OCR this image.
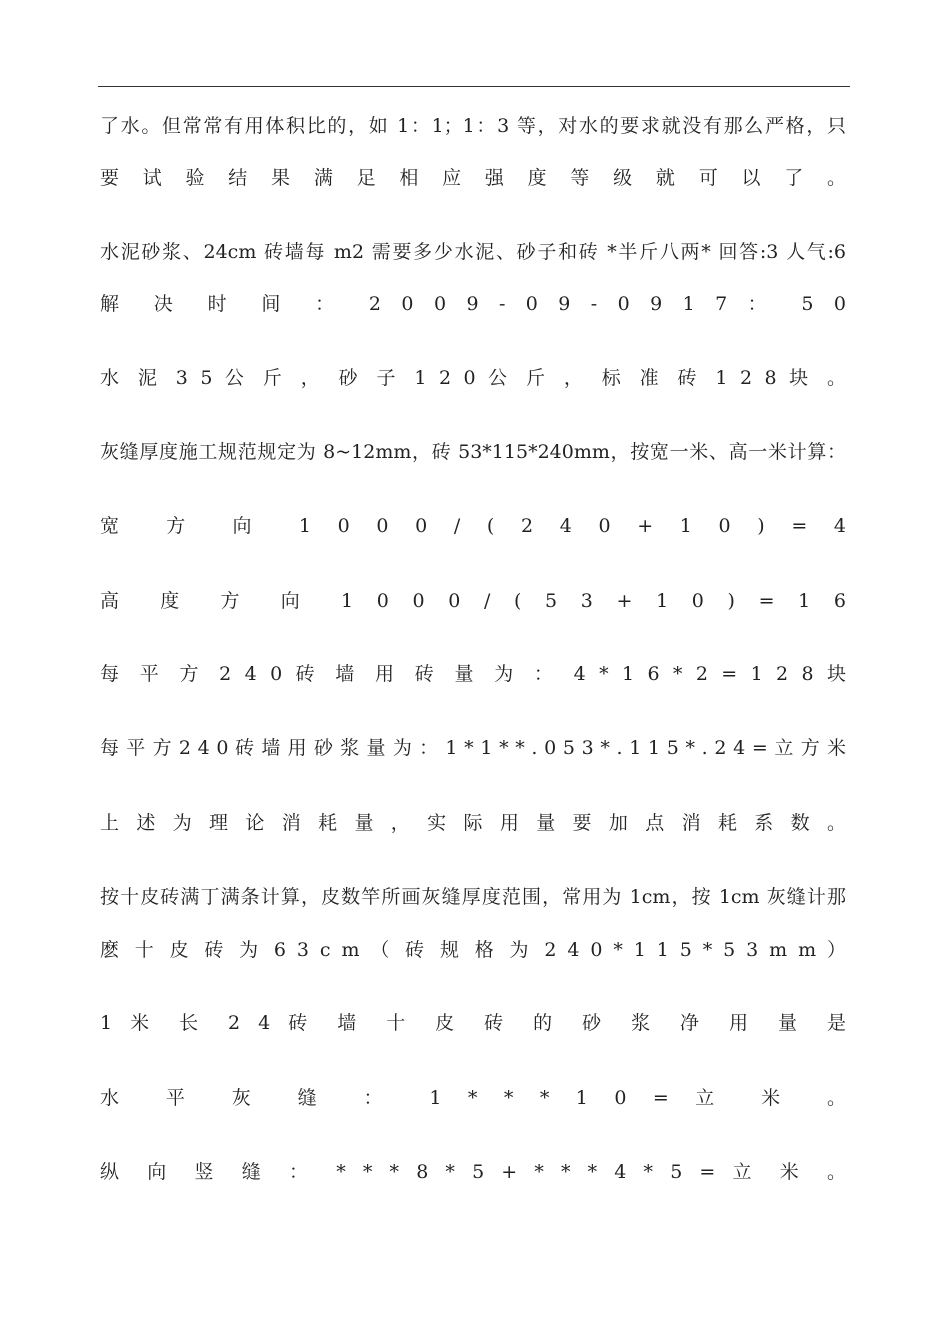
了水。但常常有用体积比的，如 1：1；1：3 等，对水的要求就没有那么严格，只
要 试 验 结 果 满 足 相 应 强 度 等 级 就 可 以 了 。
水泥砂浆、24cm 砖墙每 m2 需要多少水泥、砂子和砖 *半斤八两* 回答:3 人气:6
解 决 时 间 ： 2 0 0 9 - 0 9 - 0 9 1 7 ： 5 0
水 泥 3 5 公 斤 ， 砂 子 1 2 0 公 斤 ， 标 准 砖 1 2 8 块 。
灰缝厚度施工规范规定为 8~12mm，砖 53*115*240mm，按宽一米、高一米计算：
宽 方 向 1 0 0 0 / ( 2 4 0 + 1 0 ) = 4
高 度 方 向 1 0 0 0 / ( 5 3 + 1 0 ) = 1 6
每 平 方 2 4 0 砖 墙 用 砖 量 为 ： 4 * 1 6 * 2 = 1 2 8 块
每 平 方 2 4 0 砖 墙 用 砂 浆 量 为 ： 1 * 1 * * . 0 5 3 * . 1 1 5 * . 2 4 = 立 方 米
上 述 为 理 论 消 耗 量 ， 实 际 用 量 要 加 点 消 耗 系 数 。
按十皮砖满丁满条计算，皮数竿所画灰缝厚度范围，常用为 1cm，按 1cm 灰缝计那
麽 十 皮 砖 为 6 3 c m （ 砖 规 格 为 2 4 0 * 1 1 5 * 5 3 m m ）
1 米 长 2 4 砖 墙 十 皮 砖 的 砂 浆 净 用 量 是
水 平 灰 缝 ： 1 * * * 1 0 = 立 米 。
纵 向 竖 缝 ： * * * 8 * 5 + * * * 4 * 5 = 立 米 。
